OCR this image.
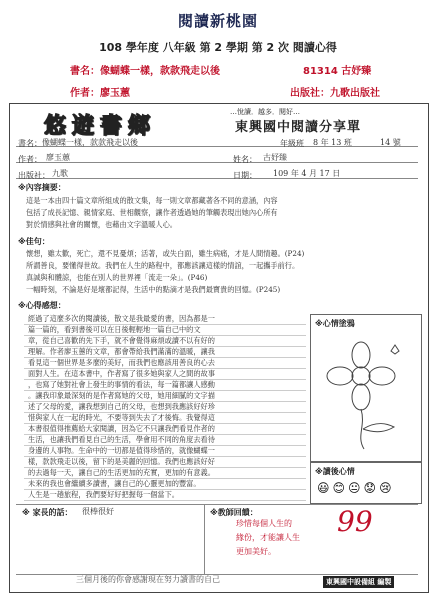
閱讀新桃園
108 學年度 八年級 第 2 學期 第 2 次 閱讀心得
書名：像蝴蝶一樣，款款飛走以後	81314 古妤臻
作者：廖玉蕙	出版社：九歌出版社
悠遊書鄉
…悅讀．越多．閱好…
東興國中閱讀分享單
書名： 像蝴蝶一樣，款款飛走以後	年級班 8 年 13 班	14 號
作者： 廖玉蕙	姓名： 古妤臻
出版社： 九歌	日期： 109 年 4 月 17 日
※內容摘要：
這是一本由四十篇文章所組成的散文集，每一則文章都藏著各不同的意涵，內容
包括了成長記憶、親情家庭、世相觀察，讓作者透過她的筆觸表現出她內心所有
對於情感與社會的關懷，也藉由文字溫暖人心。
※佳句：
懷想，雖太歡，死亡，還不見憂煩；活著，或失白面，雖生病痛，才是人間情趣。(P24)
所謂善良，要懂得世故。我們在人生的路程中，都應該讓這樣的情誼，一起攜手前行。
真誠與和體諒，也能在別人的世界裡「流走一朵」。(P46)
一幅時刻，不論是好是壞都記得，生活中的點滴才是我們最寶貴的回憶。(P245)
※心得感想：
※心情塗鴉
※讀後心情
😃😊😐😟😢
※ 家長的話： 很棒很好	※教師回饋：
珍惜每個人生的
緣份，才能讓人生
更加美好。
經過了這麼多次的閱讀後，散文是我最愛的書，因為都是一
篇一篇的，看到書後可以在日後輕輕地一篇自己中的文
章，從自己喜歡的先下手，就不會覺得麻煩或讀不以有好的
理解。作者廖玉蕙的文章，都會帶給我們滿滿的溫暖，讓我
看見這一個世界是多麼的美好，而我們也應該用善良的心去
面對人生。在這本書中，作者寫了很多她與家人之間的故事
，也寫了她對社會上發生的事情的看法，每一篇都讓人感動
。讓我印象最深刻的是作者寫她的父母，她用細膩的文字描
述了父母的愛，讓我想到自己的父母，也想到我應該好好珍
惜與家人在一起的時光，不要等到失去了才後悔。我覺得這
本書很值得推薦給大家閱讀，因為它不只讓我們看見作者的
生活，也讓我們看見自己的生活，學會用不同的角度去看待
身邊的人事物。生命中的一切都是值得珍惜的，就像蝴蝶一
樣，款款飛走以後，留下的是美麗的回憶。我們也應該好好
的去過每一天，讓自己的生活更加的充實，更加的有意義。
未來的我也會繼續多讀書，讓自己的心靈更加的豐富。
人生是一趟旅程，我們要好好把握每一個當下。
99
三個月後的你會感謝現在努力讀書的自己	東興國中設備組 編製
